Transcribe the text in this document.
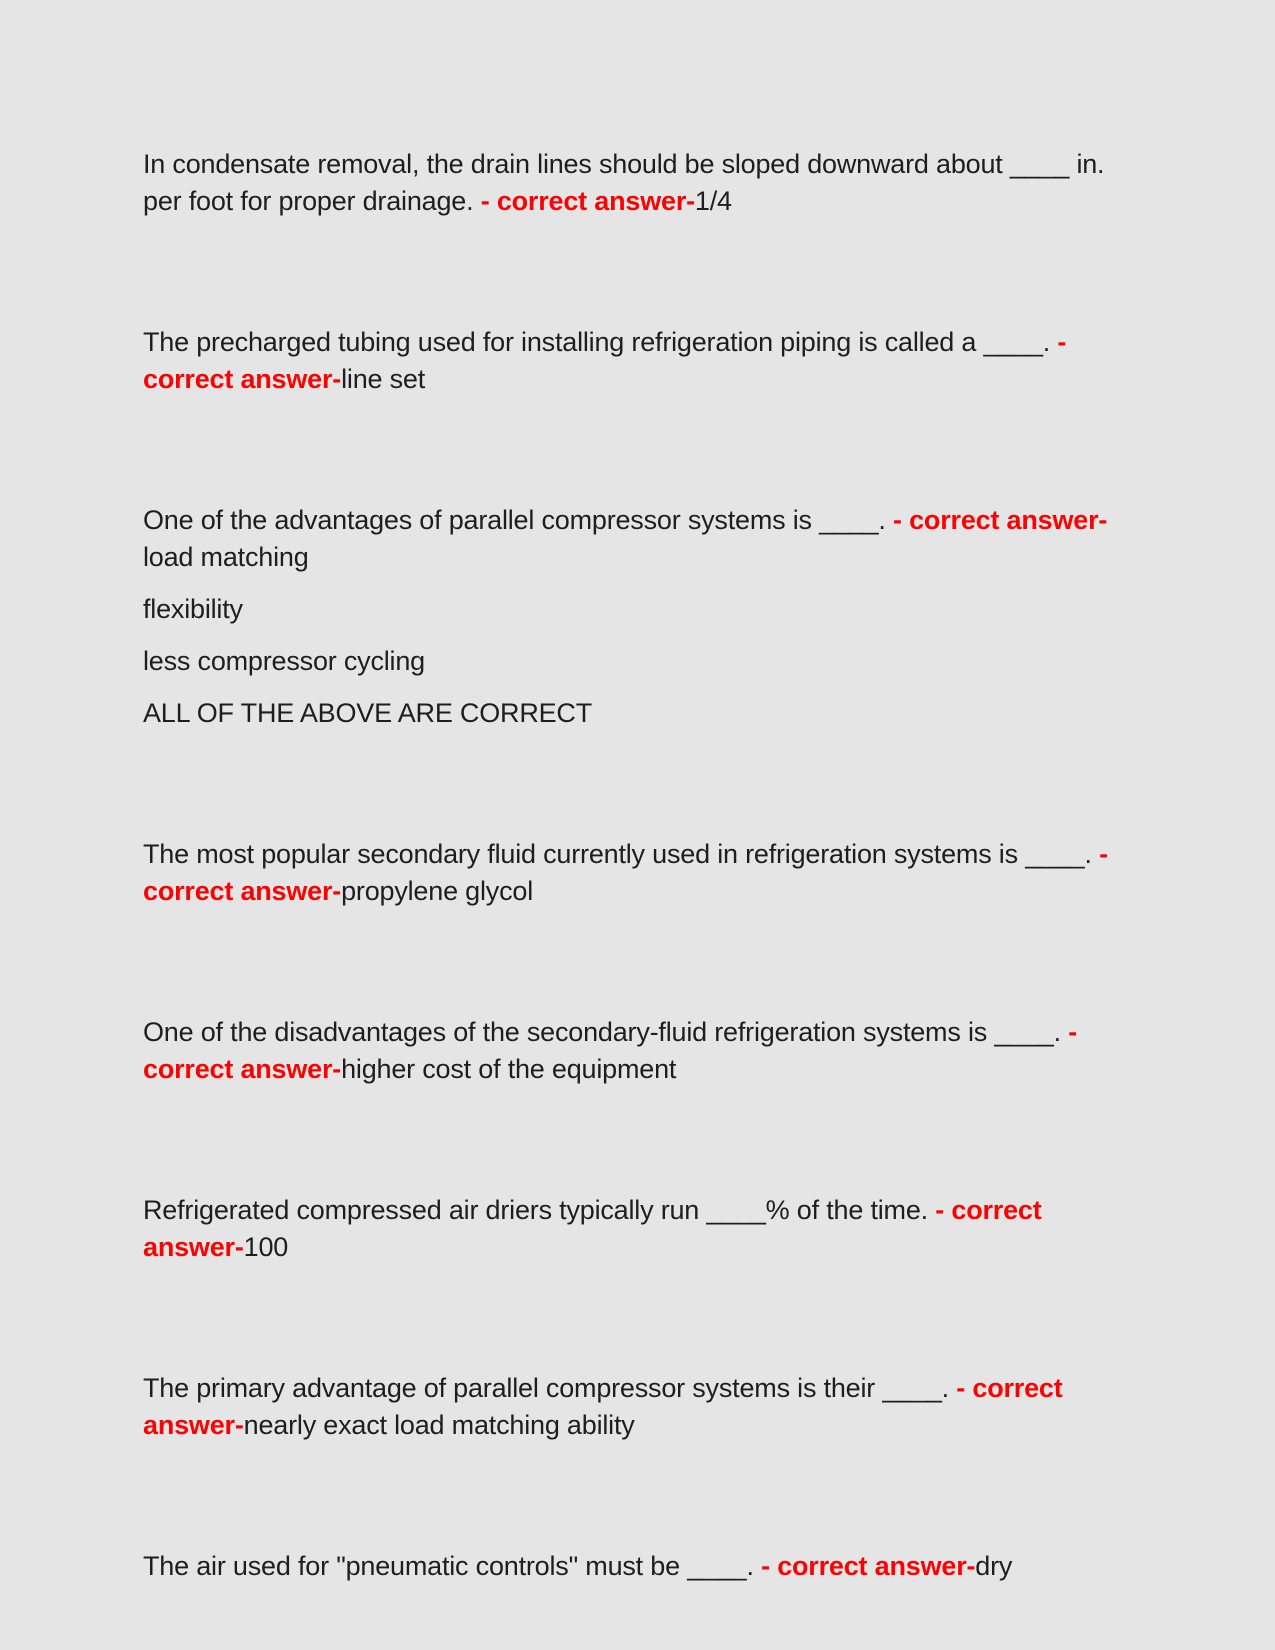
In condensate removal, the drain lines should be sloped downward about ____ in. per foot for proper drainage. - correct answer-1/4

The precharged tubing used for installing refrigeration piping is called a ____. - correct answer-line set

One of the advantages of parallel compressor systems is ____. - correct answer-load matching

flexibility

less compressor cycling

ALL OF THE ABOVE ARE CORRECT

The most popular secondary fluid currently used in refrigeration systems is ____. - correct answer-propylene glycol

One of the disadvantages of the secondary-fluid refrigeration systems is ____. - correct answer-higher cost of the equipment

Refrigerated compressed air driers typically run ____% of the time. - correct answer-100

The primary advantage of parallel compressor systems is their ____. - correct answer-nearly exact load matching ability

The air used for "pneumatic controls" must be ____. - correct answer-dry
